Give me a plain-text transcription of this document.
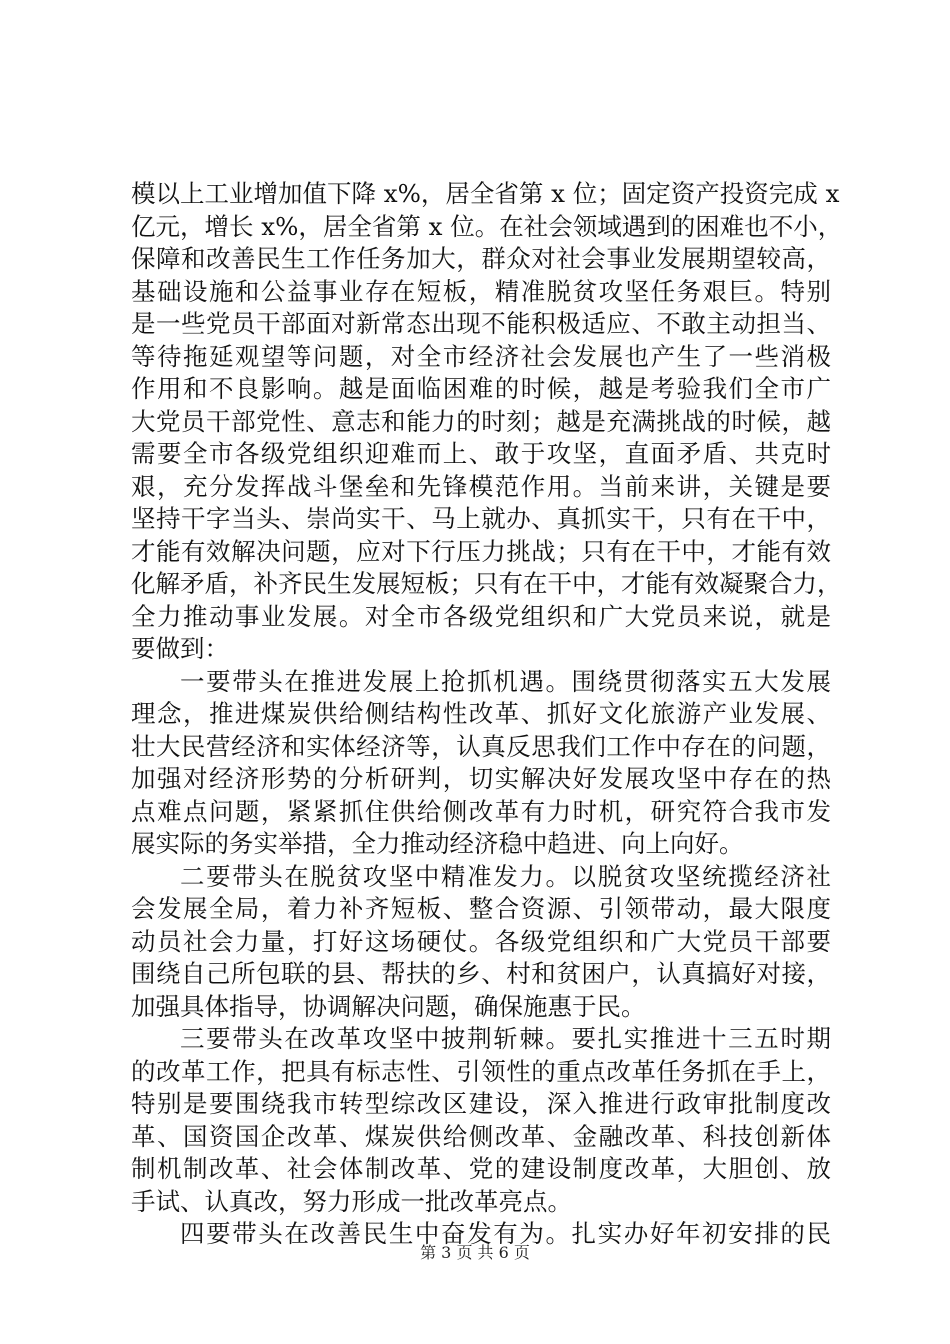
模以上工业增加值下降 x%，居全省第 x 位；固定资产投资完成 x
亿元，增长 x%，居全省第 x 位。在社会领域遇到的困难也不小，
保障和改善民生工作任务加大，群众对社会事业发展期望较高，
基础设施和公益事业存在短板，精准脱贫攻坚任务艰巨。特别
是一些党员干部面对新常态出现不能积极适应、不敢主动担当、
等待拖延观望等问题，对全市经济社会发展也产生了一些消极
作用和不良影响。越是面临困难的时候，越是考验我们全市广
大党员干部党性、意志和能力的时刻；越是充满挑战的时候，越
需要全市各级党组织迎难而上、敢于攻坚，直面矛盾、共克时
艰，充分发挥战斗堡垒和先锋模范作用。当前来讲，关键是要
坚持干字当头、崇尚实干、马上就办、真抓实干，只有在干中，
才能有效解决问题，应对下行压力挑战；只有在干中，才能有效
化解矛盾，补齐民生发展短板；只有在干中，才能有效凝聚合力，
全力推动事业发展。对全市各级党组织和广大党员来说，就是
要做到：
一要带头在推进发展上抢抓机遇。围绕贯彻落实五大发展
理念，推进煤炭供给侧结构性改革、抓好文化旅游产业发展、
壮大民营经济和实体经济等，认真反思我们工作中存在的问题，
加强对经济形势的分析研判，切实解决好发展攻坚中存在的热
点难点问题，紧紧抓住供给侧改革有力时机，研究符合我市发
展实际的务实举措，全力推动经济稳中趋进、向上向好。
二要带头在脱贫攻坚中精准发力。以脱贫攻坚统揽经济社
会发展全局，着力补齐短板、整合资源、引领带动，最大限度
动员社会力量，打好这场硬仗。各级党组织和广大党员干部要
围绕自己所包联的县、帮扶的乡、村和贫困户，认真搞好对接，
加强具体指导，协调解决问题，确保施惠于民。
三要带头在改革攻坚中披荆斩棘。要扎实推进十三五时期
的改革工作，把具有标志性、引领性的重点改革任务抓在手上，
特别是要围绕我市转型综改区建设，深入推进行政审批制度改
革、国资国企改革、煤炭供给侧改革、金融改革、科技创新体
制机制改革、社会体制改革、党的建设制度改革，大胆创、放
手试、认真改，努力形成一批改革亮点。
四要带头在改善民生中奋发有为。扎实办好年初安排的民
第 3 页 共 6 页
